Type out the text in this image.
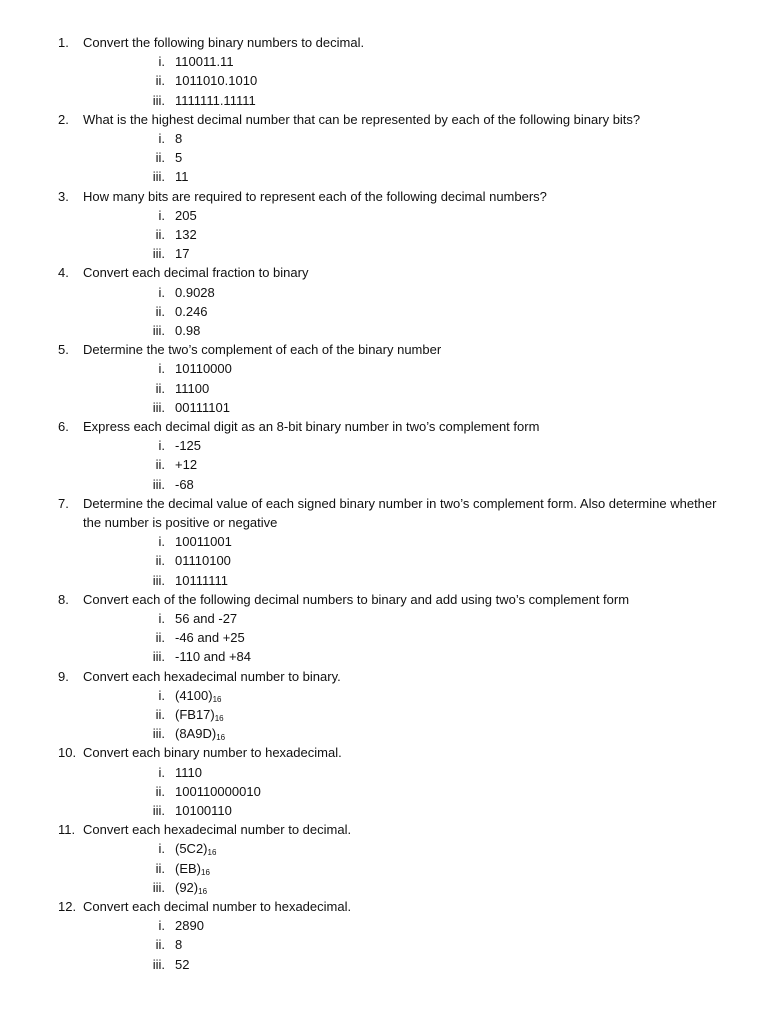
1.	Convert the following binary numbers to decimal.
i. 110011.11
ii. 1011010.1010
iii. 1111111.11111
2.	What is the highest decimal number that can be represented by each of the following binary bits?
i. 8
ii. 5
iii. 11
3.	How many bits are required to represent each of the following decimal numbers?
i. 205
ii. 132
iii. 17
4.	Convert each decimal fraction to binary
i. 0.9028
ii. 0.246
iii. 0.98
5.	Determine the two’s complement of each of the binary number
i. 10110000
ii. 11100
iii. 00111101
6.	Express each decimal digit as an 8-bit binary number in two’s complement form
i. -125
ii. +12
iii. -68
7.	Determine the decimal value of each signed binary number in two’s complement form. Also determine whether the number is positive or negative
i. 10011001
ii. 01110100
iii. 10111111
8.	Convert each of the following decimal numbers to binary and add using two’s complement form
i. 56 and -27
ii. -46 and +25
iii. -110 and +84
9.	Convert each hexadecimal number to binary.
i. $(4100)_{16}$
ii. $(FB17)_{16}$
iii. $(8A9D)_{16}$
10. Convert each binary number to hexadecimal.
i. 1110
ii. 100110000010
iii. 10100110
11. Convert each hexadecimal number to decimal.
i. $(5C2)_{16}$
ii. $(EB)_{16}$
iii. $(92)_{16}$
12. Convert each decimal number to hexadecimal.
i. 2890
ii. 8
iii. 52
